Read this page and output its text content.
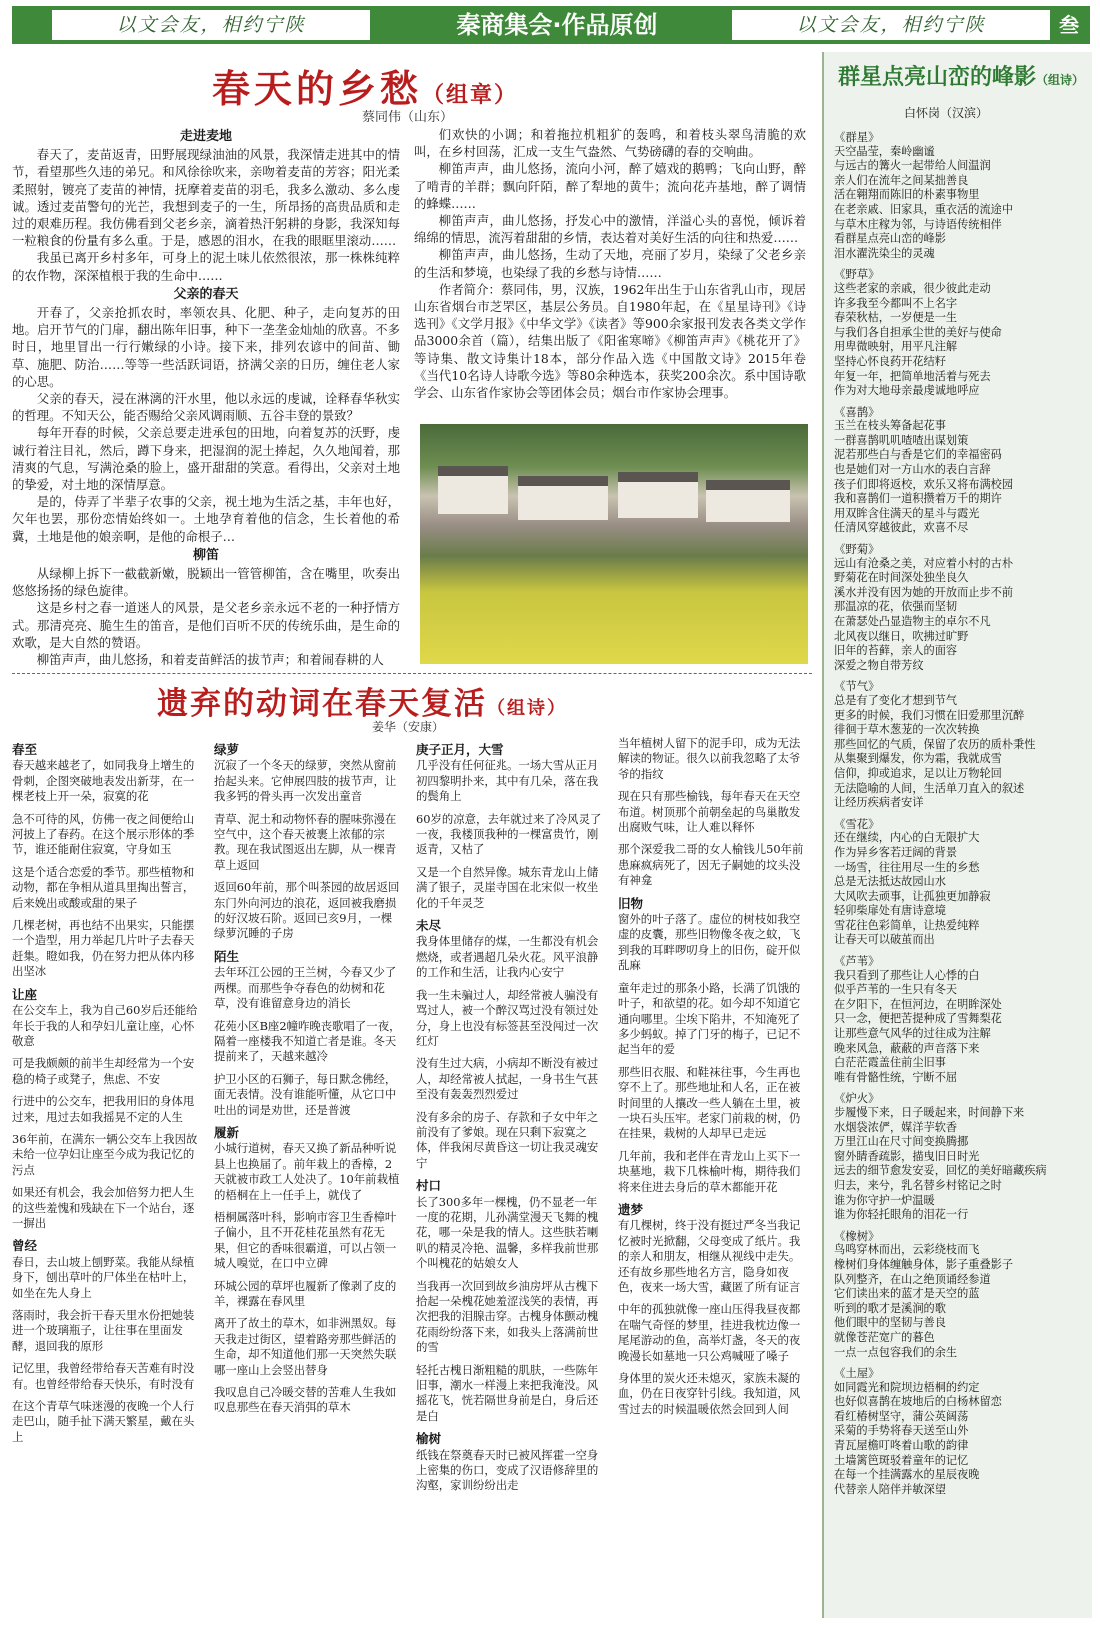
以文会友，相约宁陕	秦商集会·作品原创	以文会友，相约宁陕	叁
春天的乡愁（组章）
蔡同伟（山东）
走进麦地

春天了，麦苗返青，田野展现绿油油的风景，我深情走进其中的情节，看望那些久违的弟兄。和风徐徐吹来，亲吻着麦苗的芳容；阳光柔柔照射，镀亮了麦苗的神情，抚摩着麦苗的羽毛，我多么激动、多么虔诚。透过麦苗警句的光芒，我想到麦子的一生，所昂扬的高贵品质和走过的艰难历程。我仿佛看到父老乡亲，滴着热汗躬耕的身影，我深知每一粒粮食的份量有多么重。于是，感恩的泪水，在我的眼眶里滚动……

我虽已离开乡村多年，可身上的泥土味儿依然很浓，那一株株纯粹的农作物，深深植根于我的生命中……

父亲的春天

开春了，父亲抢抓农时，率领农具、化肥、种子，走向复苏的田地。启开节气的门扉，翻出陈年旧事，种下一垄垄金灿灿的欣喜。不多时日，地里冒出一行行嫩绿的小诗。接下来，排列农谚中的间苗、锄草、施肥、防治……等等一些活跃词语，挤满父亲的日历，缠住老人家的心思。

父亲的春天，浸在淋漓的汗水里，他以永远的虔诚，诠释春华秋实的哲理。不知天公，能否赐给父亲风调雨顺、五谷丰登的景致？

每年开春的时候，父亲总要走进承包的田地，向着复苏的沃野，虔诚行着注目礼，然后，蹲下身来，把湿润的泥土捧起，久久地闻着，那清爽的气息，写满沧桑的脸上，盛开甜甜的笑意。看得出，父亲对土地的挚爱，对土地的深情厚意。

是的，侍弄了半辈子农事的父亲，视土地为生活之基，丰年也好，欠年也罢，那份恋情始终如一。土地孕育着他的信念，生长着他的希冀，土地是他的娘亲啊，是他的命根子…

柳笛

从绿柳上拆下一截截新嫩，脱颖出一管管柳笛，含在嘴里，吹奏出悠悠扬扬的绿色旋律。

这是乡村之春一道迷人的风景，是父老乡亲永远不老的一种抒情方式。那清亮亮、脆生生的笛音，是他们百听不厌的传统乐曲，是生命的欢歌，是大自然的赞语。

柳笛声声，曲儿悠扬，和着麦苗鲜活的拔节声；和着闹春耕的人

们欢快的小调；和着拖拉机粗犷的轰鸣，和着枝头翠鸟清脆的欢叫，在乡村回荡，汇成一支生气盎然、气势磅礴的春的交响曲。

柳笛声声，曲儿悠扬，流向小河，醉了嬉戏的鹅鸭；飞向山野，醉了啃青的羊群；飘向阡陌，醉了犁地的黄牛；流向花卉基地，醉了调情的蜂蝶……

柳笛声声，曲儿悠扬，抒发心中的激情，洋溢心头的喜悦，倾诉着绵绵的情思，流泻着甜甜的乡情，表达着对美好生活的向往和热爱……

柳笛声声，曲儿悠扬，生动了天地，亮丽了岁月，染绿了父老乡亲的生活和梦境，也染绿了我的乡愁与诗情……

作者简介：蔡同伟，男，汉族，1962年出生于山东省乳山市，现居山东省烟台市芝罘区，基层公务员。自1980年起，在《星星诗刊》《诗选刊》《文学月报》《中华文学》《读者》等900余家报刊发表各类文学作品3000余首（篇），结集出版了《阳雀寒啼》《柳笛声声》《桃花开了》等诗集、散文诗集计18本，部分作品入选《中国散文诗》2015年卷《当代10名诗人诗歌今选》等80余种选本，获奖200余次。系中国诗歌学会、山东省作家协会等团体会员；烟台市作家协会理事。

遗弃的动词在春天复活（组诗）
姜华（安康）
春至

春天越来越老了，如同我身上增生的骨刺，企图突破地表发出新芽，在一棵老枝上开一朵，寂寞的花

急不可待的风，仿佛一夜之间便给山河披上了春药。在这个展示形体的季节，谁还能耐住寂寞，守身如玉

这是个适合恋爱的季节。那些植物和动物，都在争相从道具里掏出誓言，后来娩出或酸或甜的果子

几棵老树，再也结不出果实，只能摆一个造型，用力举起几片叶子去春天赶集。瞪如我，仍在努力把从体内移出坚冰

让座

在公交车上，我为自己60岁后还能给年长于我的人和孕妇儿童让座，心怀敬意

可是我颇颇的前半生却经常为一个安稳的椅子或凳子，焦虑、不安

行进中的公交车，把我用旧的身体甩过来，甩过去如我摇晃不定的人生

36年前，在满东一辆公交车上我因故未给一位孕妇让座至今成为我记忆的污点

如果还有机会，我会加倍努力把人生的这些羞愧和残缺在下一个站台，逐一摒出

曾经

春日，去山坡上刨野菜。我能从绿植身下，刨出草叶的尸体坐在枯叶上，如坐在先人身上

落雨时，我会折干春天里水份把她装进一个玻璃瓶子，让往事在里面发酵，退回我的原形

记忆里，我曾经带给春天苦难有时没有。也曾经带给春天快乐，有时没有

在这个青草气味迷漫的夜晚一个人行走巴山，随手扯下满天繁星，戴在头上

绿萝

沉寂了一个冬天的绿萝，突然从窗前抬起头来。它伸展四肢的拔节声，让我多钙的骨头再一次发出童音

青草、泥土和动物怀春的腥味弥漫在空气中，这个春天被裹上浓郁的宗教。现在我试图返出左脚，从一棵青草上返回

返回60年前，那个叫茶园的故居返回东门外向河边的浪花，返回被我磨损的好汉坡石阶。返回已亥9月，一棵绿萝沉睡的子房

陌生

去年环江公园的王兰树，今春又少了两棵。而那些争夺春色的幼树和花草，没有谁留意身边的消长

花苑小区B座2幢咋晚丧歌唱了一夜，隔着一座楼我不知道亡者是谁。冬天提前来了，天越来越冷

护卫小区的石狮子，每日默念佛经，面无表情。没有谁能听懂，从它口中吐出的词是劝世，还是普渡

履新

小城行道树，春天又换了新品种听说县上也换届了。前年栽上的香樟，2天就被市政工人处决了。10年前栽植的梧桐在上一任手上，就伐了

梧桐属落叶科，影响市容卫生香樟叶子偏小，且不开花桂花虽然有花无果，但它的香味很霸道，可以占领一城人嗅觉，在口中立碑

环城公园的草坪也履新了像剥了皮的羊，裸露在春风里

离开了故土的草木，如非洲黑奴。每天我走过街区，望着路旁那些鲜活的生命，却不知道他们那一天突然失联哪一座山上会竖出替身

我叹息自己冷暖交替的苦难人生我如叹息那些在春天消弭的草木

庚子正月，大雪

几乎没有任何征兆。一场大雪从正月初四黎明扑来，其中有几朵，落在我的鬓角上

60岁的凉意，去年就过来了冷风灵了一夜，我楼顶我种的一棵富贵竹，刚返青，又枯了

又是一个自然异像。城东青龙山上储满了银子，灵崖寺国在北宋似一枚坐化的千年灵芝

未尽

我身体里储存的煤，一生都没有机会燃烧，或者遇超几朵火花。风平浪静的工作和生活，让我内心安宁

我一生未骗过人，却经常被人骗没有骂过人，被一个醉汉骂过没有领过处分，身上也没有标签甚至没闯过一次红灯

没有生过大病，小病却不断没有被过人，却经常被人拭起，一身书生气甚至没有轰轰烈烈爱过

没有多余的房子、存款和子女中年之前没有了爹娘。现在只剩下寂寞之体，伴我闲尽黄昏这一切让我灵魂安宁

村口

长了300多年一棵槐，仍不显老一年一度的花期，儿孙满堂漫天飞舞的槐花，哪一朵是我的情人。这些肤若喇叭的精灵冷艳、温馨，多样我前世那个叫槐花的姑娘女人

当我再一次回到故乡油房坪从古槐下拾起一朵槐花她羞涩浅笑的表情，再次把我的泪腺击穿。古槐身体颤动槐花雨纷纷落下来，如我头上落满前世的雪

轻托古槐日渐粗糙的肌肤，一些陈年旧事，潮水一样漫上来把我淹没。风摇花飞，恍若隔世身前是白，身后还是白

榆树

纸钱在祭奠春天时已被风挥霍一空身上密集的伤口，变成了汉语修辞里的沟壑，家训纷纷出走

当年植树人留下的泥手印，成为无法解读的物证。很久以前我忽略了太爷爷的指纹

现在只有那些榆钱，每年春天在天空布道。树顶那个前朝垒起的鸟巢散发出腐败气味，让人难以释怀

那个深爱我二哥的女人榆钱儿50年前患麻疯病死了，因无子嗣她的坟头没有神龛

旧物

窗外的叶子落了。虚位的树枝如我空虚的皮囊，那些旧物像冬夜之蚊，飞到我的耳畔啰叨身上的旧伤，碇开似乱麻

童年走过的那条小路，长满了饥饿的叶子，和欲望的花。如今却不知道它通向哪里。尘埃下陷井，不知淹死了多少蚂蚁。掉了门牙的梅子，已记不起当年的爱

那些旧衣服、和鞋袜往事，今生再也穿不上了。那些地址和人名，正在被时间里的人攘改一些人躺在土里，被一块石头压牢。老家门前栽的树，仍在挂果，栽树的人却早已走远

几年前，我和老伴在青龙山上买下一块墓地，栽下几株榆叶梅，期待我们将来住进去身后的草木都能开花

遗梦

有几棵树，终于没有挺过严冬当我记忆被时光掀翻，父母变成了纸片。我的亲人和朋友，相继从视线中走失。还有故乡那些地名方言，隐身如夜色，夜来一场大雪，藏匿了所有证言

中年的孤独就像一座山压得我昼夜都在喘气奇怪的梦里，挂进我枕边像一尾尾游动的鱼，高举灯盏，冬天的夜晚漫长如墓地一只公鸡喊哑了嗓子

身体里的炭火还未熄灭，家族未凝的血，仍在日夜穿针引线。我知道，风雪过去的时候温暖依然会回到人间

群星点亮山峦的峰影（组诗）
白怀岗（汉滨）
《群星》

天空晶莹，秦岭幽谧
与远古的篝火一起带给人间温润
亲人们在流年之间某拙善良
活在翱翔而陈旧的朴素事物里
在老亲戚、旧家具，重衣活的流途中
与草木庄稼为邻，与诗语传统相伴
看群星点亮山峦的峰影
泪水濯洗染尘的灵魂

《野草》

这些老家的亲戚，很少彼此走动
许多我至今都叫不上名字
春荣秋枯，一岁便是一生
与我们各自担承尘世的美好与使命
用卑微映射，用平凡注解
坚持心怀良药开花结籽
年复一年，把简单地活着与死去
作为对大地母亲最虔诚地呼应

《喜鹊》

玉兰在枝头筹备起花事
一群喜鹊叽叽喳喳出谋划策
泥若那些白与香是它们的幸福密码
也是她们对一方山水的表白言辞
孩子们即将返校，欢乐又将布满校园
我和喜鹊们一道积攒着万千的期许
用双眸含住满天的星斗与霞光
任清风穿越彼此，欢喜不尽

《野菊》

远山有沧桑之美，对应着小村的古朴
野菊花在时间深处独坐良久
溪水并没有因为她的开放而止步不前
那温凉的花，依强而坚韧
在萧瑟处凸显造物主的卓尔不凡
北风夜以继日，吹拂过旷野
旧年的苔藓，亲人的面容
深爱之物自带芳纹

《节气》

总是有了变化才想到节气
更多的时候，我们习惯在旧爱那里沉醉
徘徊于草木葱茏的一次次转换
那些回忆的气质，保留了农历的质朴秉性
从集聚到爆发，你为霜，我就成雪
信仰，抑或追求，足以让万物轮回
无法隐喻的人间，生活单刀直入的叙述
让经历疾病者安详

《雪花》

还在继续，内心的白无限扩大
作为异乡客若迂阔的背景
一场雪，往往用尽一生的乡愁
总是无法抵达故园山水
大风吹去顽事，让孤独更加静寂
轻卯柴扉处有唐诗意境
雪花往色彩简单，让热爱纯粹
让春天可以破茧而出

《芦苇》

我只看到了那些让人心悸的白
似乎芦苇的一生只有冬天
在夕阳下，在恒河边，在明眸深处
只一念，便把苦提种成了雪舞梨花
让那些意气风华的过往成为注解
晚来风急，蔽蔽的声音落下来
白茫茫霞盖住前尘旧事
唯有骨骼性统，宁断不屈

《炉火》

步履慢下来，日子暖起来，时间静下来
水烟袋浓俨，媒洋芋软香
万里江山在尺寸间变换腾挪
窗外睛香疏影，描曳旧日时光
远去的细节愈发安妥，回忆的美好暗藏疾病
归去，来兮，乳名替乡村铭记之时
谁为你守护一炉温暖
谁为你轻托眼角的泪花一行

《橡树》

鸟鸣穿林而出，云彩绕枝而飞
橡树们身体缠触身体，影子重叠影子
队列整齐，在山之绝顶诵经参道
它们读出来的蓝才是天空的蓝
听到的歌才是溪涧的歌
他们眼中的坚韧与善良
就像苍茫宽广的暮色
一点一点包容我们的余生

《土屋》

如同霞光和院坝边梧桐的约定
也好似喜鹊在坡地后的白杨林留恋
看红椿树坚守，蒲公英阔荡
采菊的手势将春天送至山外
青瓦屋檐叮咚着山歌的韵律
土墙篱笆斑驳着童年的记忆
在每一个挂满露水的星辰夜晚
代替亲人陪伴并敏深望
